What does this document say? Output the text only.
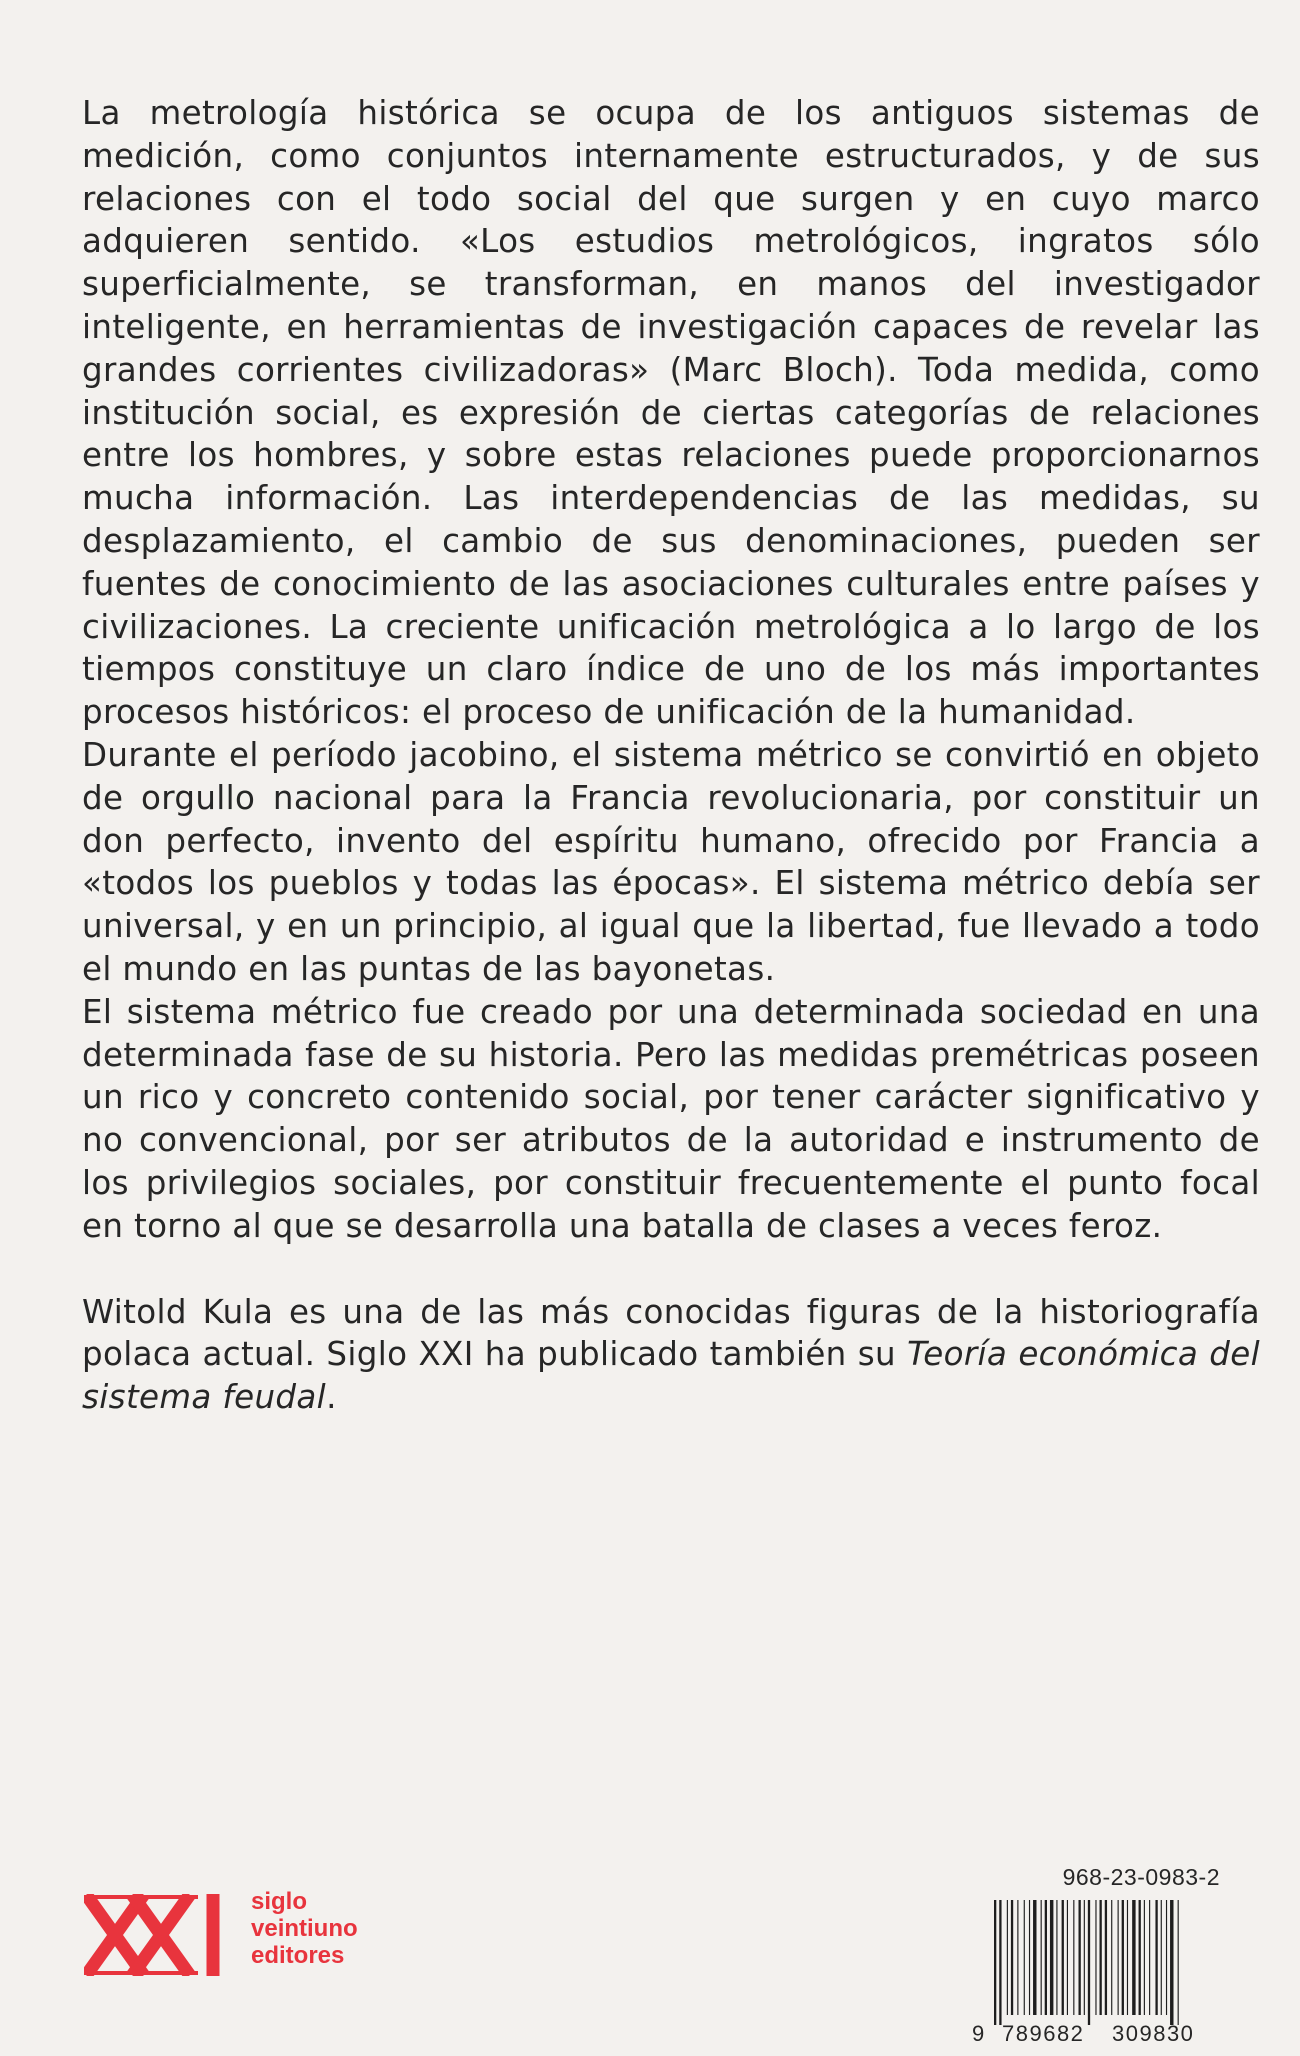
La metrología histórica se ocupa de los antiguos sistemas de medición, como conjuntos internamente estructurados, y de sus relaciones con el todo social del que surgen y en cuyo marco adquieren sentido. «Los estudios metrológicos, ingratos sólo superficialmente, se transforman, en manos del investigador inteligente, en herramientas de investigación capaces de revelar las grandes corrientes civilizadoras» (Marc Bloch). Toda medida, como institución social, es expresión de ciertas categorías de relaciones entre los hombres, y sobre estas relaciones puede proporcionarnos mucha información. Las interdependencias de las medidas, su desplazamiento, el cambio de sus denominaciones, pueden ser fuentes de conocimiento de las asociaciones culturales entre países y civilizaciones. La creciente unificación metrológica a lo largo de los tiempos constituye un claro índice de uno de los más importantes procesos históricos: el proceso de unificación de la humanidad.

Durante el período jacobino, el sistema métrico se convirtió en objeto de orgullo nacional para la Francia revolucionaria, por constituir un don perfecto, invento del espíritu humano, ofrecido por Francia a «todos los pueblos y todas las épocas». El sistema métrico debía ser universal, y en un principio, al igual que la libertad, fue llevado a todo el mundo en las puntas de las bayonetas.

El sistema métrico fue creado por una determinada sociedad en una determinada fase de su historia. Pero las medidas premétricas poseen un rico y concreto contenido social, por tener carácter significativo y no convencional, por ser atributos de la autoridad e instrumento de los privilegios sociales, por constituir frecuentemente el punto focal en torno al que se desarrolla una batalla de clases a veces feroz.

Witold Kula es una de las más conocidas figuras de la historiografía polaca actual. Siglo XXI ha publicado también su Teoría económica del sistema feudal.

siglo
veintiuno
editores
968-23-0983-2
9 789682 309830
